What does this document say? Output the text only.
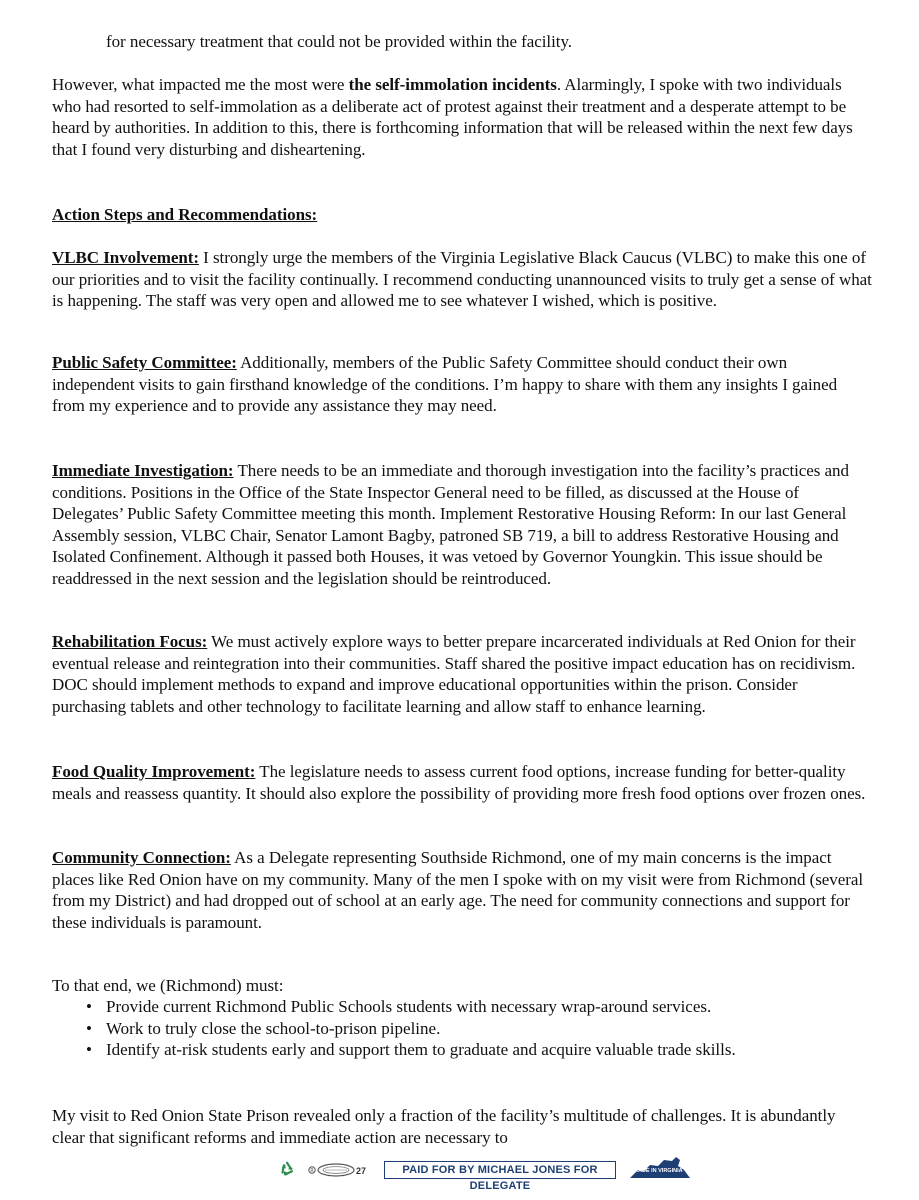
for necessary treatment that could not be provided within the facility.

However, what impacted me the most were the self-immolation incidents. Alarmingly, I spoke with two individuals who had resorted to self-immolation as a deliberate act of protest against their treatment and a desperate attempt to be heard by authorities. In addition to this, there is forthcoming information that will be released within the next few days that I found very disturbing and disheartening.

Action Steps and Recommendations:

VLBC Involvement: I strongly urge the members of the Virginia Legislative Black Caucus (VLBC) to make this one of our priorities and to visit the facility continually. I recommend conducting unannounced visits to truly get a sense of what is happening. The staff was very open and allowed me to see whatever I wished, which is positive.

Public Safety Committee: Additionally, members of the Public Safety Committee should conduct their own independent visits to gain firsthand knowledge of the conditions. I’m happy to share with them any insights I gained from my experience and to provide any assistance they may need.

Immediate Investigation: There needs to be an immediate and thorough investigation into the facility’s practices and conditions. Positions in the Office of the State Inspector General need to be filled, as discussed at the House of Delegates’ Public Safety Committee meeting this month. Implement Restorative Housing Reform: In our last General Assembly session, VLBC Chair, Senator Lamont Bagby, patroned SB 719, a bill to address Restorative Housing and Isolated Confinement. Although it passed both Houses, it was vetoed by Governor Youngkin. This issue should be readdressed in the next session and the legislation should be reintroduced.

Rehabilitation Focus: We must actively explore ways to better prepare incarcerated individuals at Red Onion for their eventual release and reintegration into their communities. Staff shared the positive impact education has on recidivism. DOC should implement methods to expand and improve educational opportunities within the prison. Consider purchasing tablets and other technology to facilitate learning and allow staff to enhance learning.

Food Quality Improvement: The legislature needs to assess current food options, increase funding for better-quality meals and reassess quantity. It should also explore the possibility of providing more fresh food options over frozen ones.

Community Connection: As a Delegate representing Southside Richmond, one of my main concerns is the impact places like Red Onion have on my community. Many of the men I spoke with on my visit were from Richmond (several from my District) and had dropped out of school at an early age. The need for community connections and support for these individuals is paramount.

To that end, we (Richmond) must:

• Provide current Richmond Public Schools students with necessary wrap-around services.
• Work to truly close the school-to-prison pipeline.
• Identify at-risk students early and support them to graduate and acquire valuable trade skills.

My visit to Red Onion State Prison revealed only a fraction of the facility’s multitude of challenges. It is abundantly clear that significant reforms and immediate action are necessary to

R	27	PAID FOR BY MICHAEL JONES FOR DELEGATE
MADE IN VIRGINIA
